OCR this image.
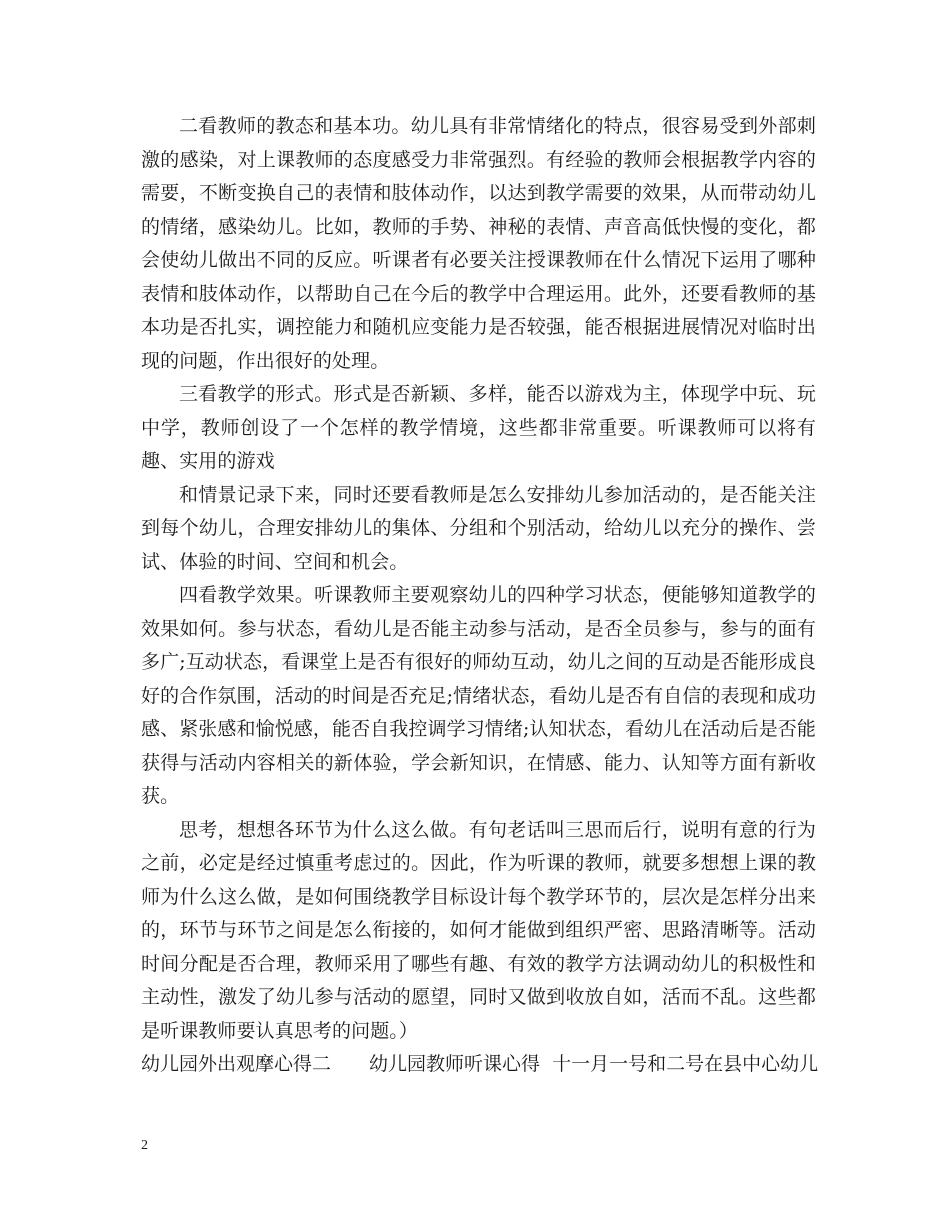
二看教师的教态和基本功。幼儿具有非常情绪化的特点，很容易受到外部刺激的感染，对上课教师的态度感受力非常强烈。有经验的教师会根据教学内容的需要，不断变换自己的表情和肢体动作，以达到教学需要的效果，从而带动幼儿的情绪，感染幼儿。比如，教师的手势、神秘的表情、声音高低快慢的变化，都会使幼儿做出不同的反应。听课者有必要关注授课教师在什么情况下运用了哪种表情和肢体动作，以帮助自己在今后的教学中合理运用。此外，还要看教师的基本功是否扎实，调控能力和随机应变能力是否较强，能否根据进展情况对临时出现的问题，作出很好的处理。

三看教学的形式。形式是否新颖、多样，能否以游戏为主，体现学中玩、玩中学，教师创设了一个怎样的教学情境，这些都非常重要。听课教师可以将有趣、实用的游戏

和情景记录下来，同时还要看教师是怎么安排幼儿参加活动的，是否能关注到每个幼儿，合理安排幼儿的集体、分组和个别活动，给幼儿以充分的操作、尝试、体验的时间、空间和机会。

四看教学效果。听课教师主要观察幼儿的四种学习状态，便能够知道教学的效果如何。参与状态，看幼儿是否能主动参与活动，是否全员参与，参与的面有多广;互动状态，看课堂上是否有很好的师幼互动，幼儿之间的互动是否能形成良好的合作氛围，活动的时间是否充足;情绪状态，看幼儿是否有自信的表现和成功感、紧张感和愉悦感，能否自我控调学习情绪;认知状态，看幼儿在活动后是否能获得与活动内容相关的新体验，学会新知识，在情感、能力、认知等方面有新收获。

思考，想想各环节为什么这么做。有句老话叫三思而后行，说明有意的行为之前，必定是经过慎重考虑过的。因此，作为听课的教师，就要多想想上课的教师为什么这么做，是如何围绕教学目标设计每个教学环节的，层次是怎样分出来的，环节与环节之间是怎么衔接的，如何才能做到组织严密、思路清晰等。活动时间分配是否合理，教师采用了哪些有趣、有效的教学方法调动幼儿的积极性和主动性，激发了幼儿参与活动的愿望，同时又做到收放自如，活而不乱。这些都是听课教师要认真思考的问题。）

幼儿园外出观摩心得二 幼儿园教师听课心得 十一月一号和二号在县中心幼儿

2
